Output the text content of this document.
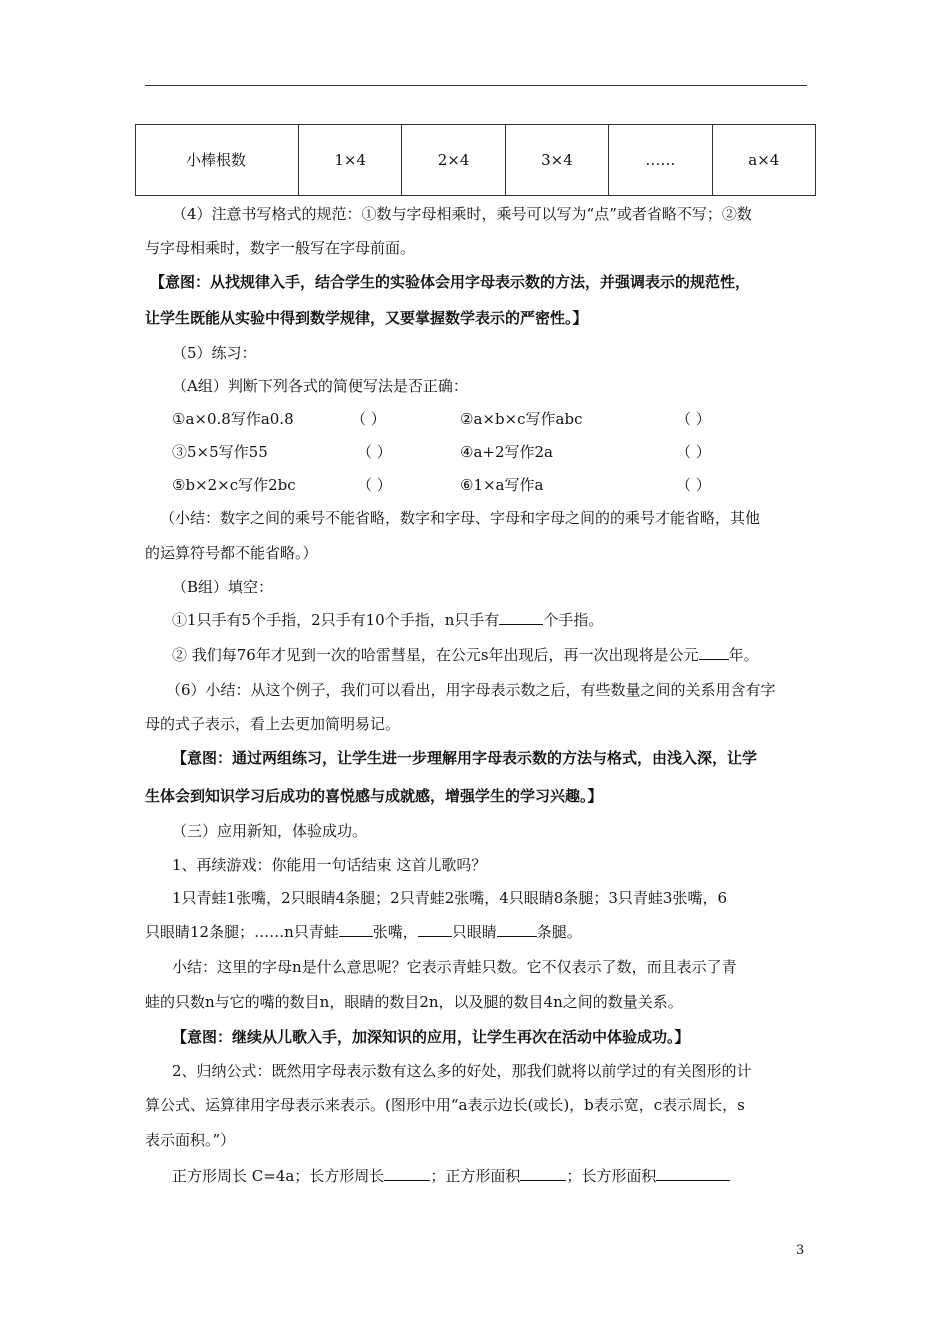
小棒根数	1×4	2×4	3×4	……	a×4
（4）注意书写格式的规范：①数与字母相乘时，乘号可以写为“点”或者省略不写；②数
与字母相乘时，数字一般写在字母前面。
【意图：从找规律入手，结合学生的实验体会用字母表示数的方法，并强调表示的规范性，
让学生既能从实验中得到数学规律，又要掌握数学表示的严密性。】
（5）练习：
（A组）判断下列各式的简便写法是否正确：
①a×0.8写作a0.8	（ ）	②a×b×c写作abc	（ ）
③5×5写作55	（ ）	④a+2写作2a	（ ）
⑤b×2×c写作2bc	（ ）	⑥1×a写作a	（ ）
（小结：数字之间的乘号不能省略，数字和字母、字母和字母之间的的乘号才能省略，其他
的运算符号都不能省略。）
（B组）填空：
①1只手有5个手指，2只手有10个手指，n只手有	个手指。
② 我们每76年才见到一次的哈雷彗星，在公元s年出现后，再一次出现将是公元 年。
（6）小结：从这个例子，我们可以看出，用字母表示数之后，有些数量之间的关系用含有字
母的式子表示，看上去更加简明易记。
【意图：通过两组练习，让学生进一步理解用字母表示数的方法与格式，由浅入深，让学
生体会到知识学习后成功的喜悦感与成就感，增强学生的学习兴趣。】
（三）应用新知，体验成功。
1、再续游戏：你能用一句话结束 这首儿歌吗？
1只青蛙1张嘴，2只眼睛4条腿；2只青蛙2张嘴，4只眼睛8条腿；3只青蛙3张嘴，6
只眼睛12条腿；……n只青蛙 张嘴， 只眼睛	条腿。
小结：这里的字母n是什么意思呢？它表示青蛙只数。它不仅表示了数，而且表示了青
蛙的只数n与它的嘴的数目n，眼睛的数目2n，以及腿的数目4n之间的数量关系。
【意图：继续从儿歌入手，加深知识的应用，让学生再次在活动中体验成功。】
2、归纳公式：既然用字母表示数有这么多的好处，那我们就将以前学过的有关图形的计
算公式、运算律用字母表示来表示。(图形中用“a表示边长(或长)，b表示宽，c表示周长，s
表示面积。”）
正方形周长 C=4a；长方形周长	；正方形面积	；长方形面积
3
